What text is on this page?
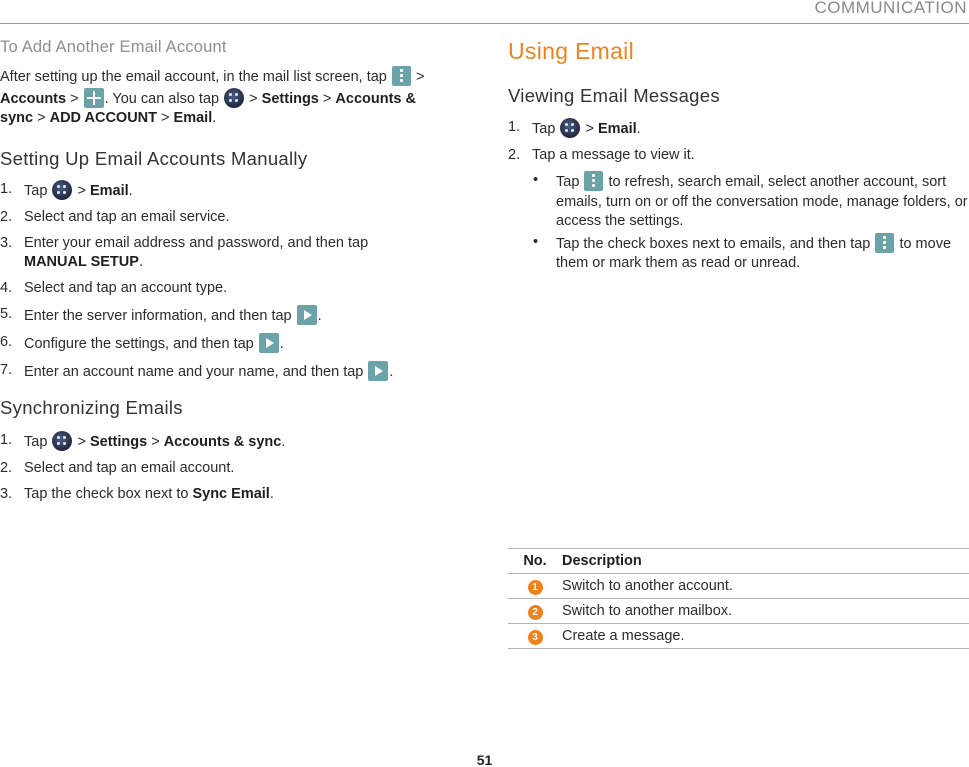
COMMUNICATION
To Add Another Email Account

After setting up the email account, in the mail list screen, tap > Accounts > . You can also tap > Settings > Accounts & sync > ADD ACCOUNT > Email.

Setting Up Email Accounts Manually
1. Tap > Email.
2. Select and tap an email service.
3. Enter your email address and password, and then tap
MANUAL SETUP.
4. Select and tap an account type.
5. Enter the server information, and then tap .
6. Configure the settings, and then tap .
7. Enter an account name and your name, and then tap .
Synchronizing Emails
1. Tap > Settings > Accounts & sync.
2. Select and tap an email account.
3. Tap the check box next to Sync Email.
Using Email
Viewing Email Messages
1. Tap > Email.
2. Tap a message to view it.
• Tap to refresh, search email, select another account, sort emails, turn on or off the conversation mode, manage folders, or access the settings.
• Tap the check boxes next to emails, and then tap to move them or mark them as read or unread.
No.	Description
1	Switch to another account.
2	Switch to another mailbox.
3	Create a message.
51
